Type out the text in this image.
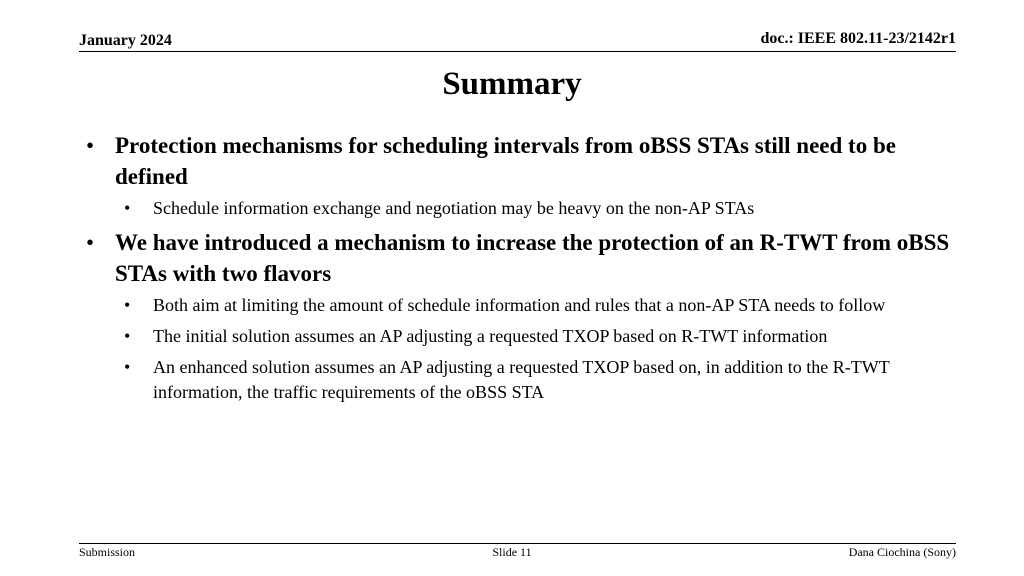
January 2024	doc.: IEEE 802.11-23/2142r1
Summary
• Protection mechanisms for scheduling intervals from oBSS STAs still need to be defined
• Schedule information exchange and negotiation may be heavy on the non-AP STAs
• We have introduced a mechanism to increase the protection of an R-TWT from oBSS STAs with two flavors
• Both aim at limiting the amount of schedule information and rules that a non-AP STA needs to follow
• The initial solution assumes an AP adjusting a requested TXOP based on R-TWT information
• An enhanced solution assumes an AP adjusting a requested TXOP based on, in addition to the R-TWT information, the traffic requirements of the oBSS STA
Submission	Slide 11	Dana Ciochina (Sony)
